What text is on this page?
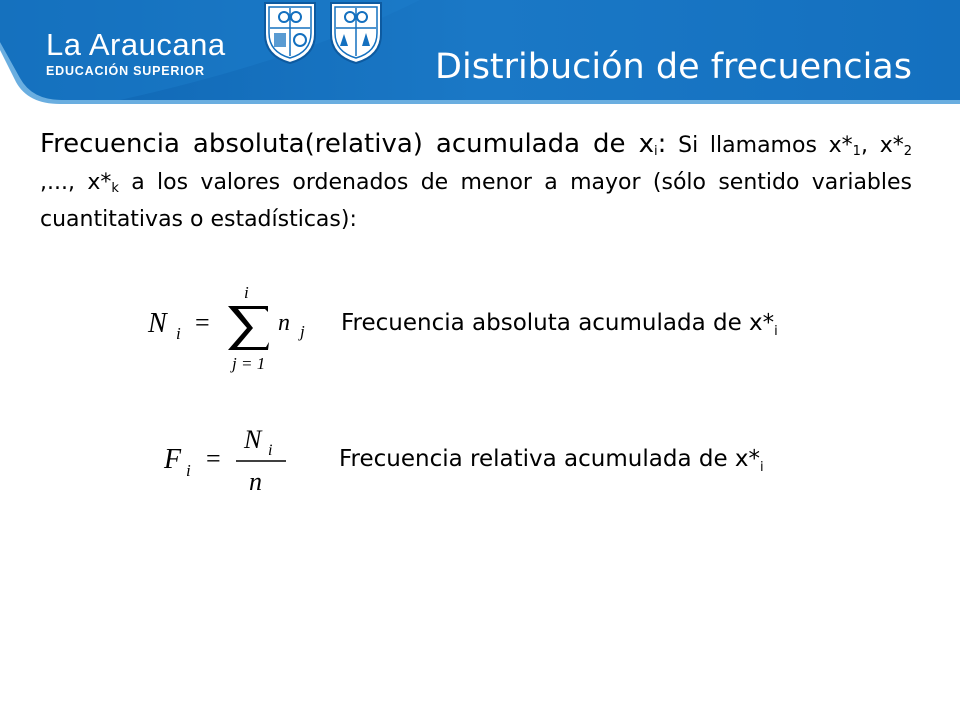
La Araucana
EDUCACIÓN SUPERIOR	Distribución de frecuencias
Frecuencia absoluta(relativa) acumulada de $x_i$: Si llamamos $x*_1$, $x*_2$ ,..., $x*_k$ a los valores ordenados de menor a mayor (sólo sentido variables cuantitativas o estadísticas):
N i =
i
j = 1
n j Frecuencia absoluta acumulada de $x*_i$
F i =
N i
n
Frecuencia relativa acumulada de $x*_i$
